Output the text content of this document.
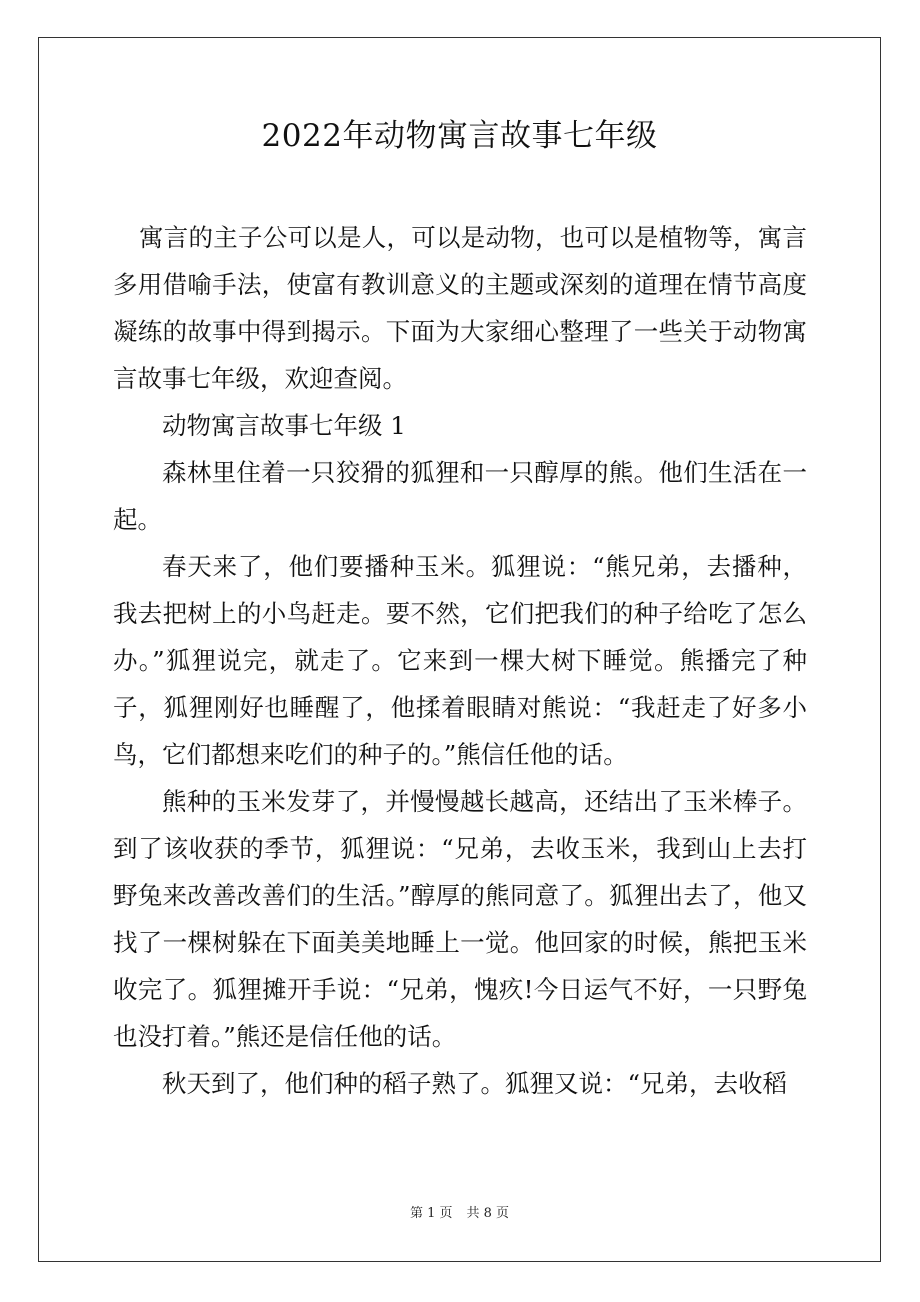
2022年动物寓言故事七年级

寓言的主子公可以是人，可以是动物，也可以是植物等，寓言多用借喻手法，使富有教训意义的主题或深刻的道理在情节高度凝练的故事中得到揭示。下面为大家细心整理了一些关于动物寓言故事七年级，欢迎查阅。

动物寓言故事七年级 1

森林里住着一只狡猾的狐狸和一只醇厚的熊。他们生活在一起。

春天来了，他们要播种玉米。狐狸说：“熊兄弟，去播种，我去把树上的小鸟赶走。要不然，它们把我们的种子给吃了怎么办。”狐狸说完，就走了。它来到一棵大树下睡觉。熊播完了种子，狐狸刚好也睡醒了，他揉着眼睛对熊说：“我赶走了好多小鸟，它们都想来吃们的种子的。”熊信任他的话。

熊种的玉米发芽了，并慢慢越长越高，还结出了玉米棒子。到了该收获的季节，狐狸说：“兄弟，去收玉米，我到山上去打野兔来改善改善们的生活。”醇厚的熊同意了。狐狸出去了，他又找了一棵树躲在下面美美地睡上一觉。他回家的时候，熊把玉米收完了。狐狸摊开手说：“兄弟，愧疚!今日运气不好，一只野兔也没打着。”熊还是信任他的话。

秋天到了，他们种的稻子熟了。狐狸又说：“兄弟，去收稻

第 1 页 共 8 页
